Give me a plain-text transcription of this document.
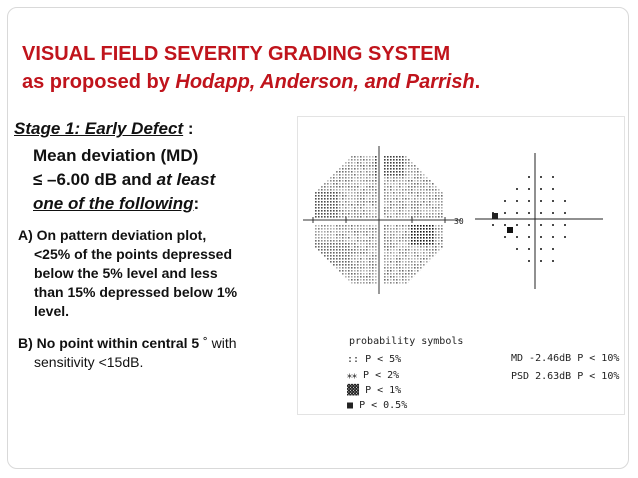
VISUAL FIELD SEVERITY GRADING SYSTEM
as proposed by Hodapp, Anderson, and Parrish.
Stage 1: Early Defect :
Mean deviation (MD)
≤ –6.00 dB and at least
one of the following:
A) On pattern deviation plot,
<25% of the points depressed
below the 5% level and less
than 15% depressed below 1%
level.
B) No point within central 5 ˚ with
sensitivity <15dB.
30
probability symbols
:: P < 5%
⁎⁎ P < 2%
▓▓ P < 1%
■ P < 0.5%
MD -2.46dB P < 10%
PSD 2.63dB P < 10%
